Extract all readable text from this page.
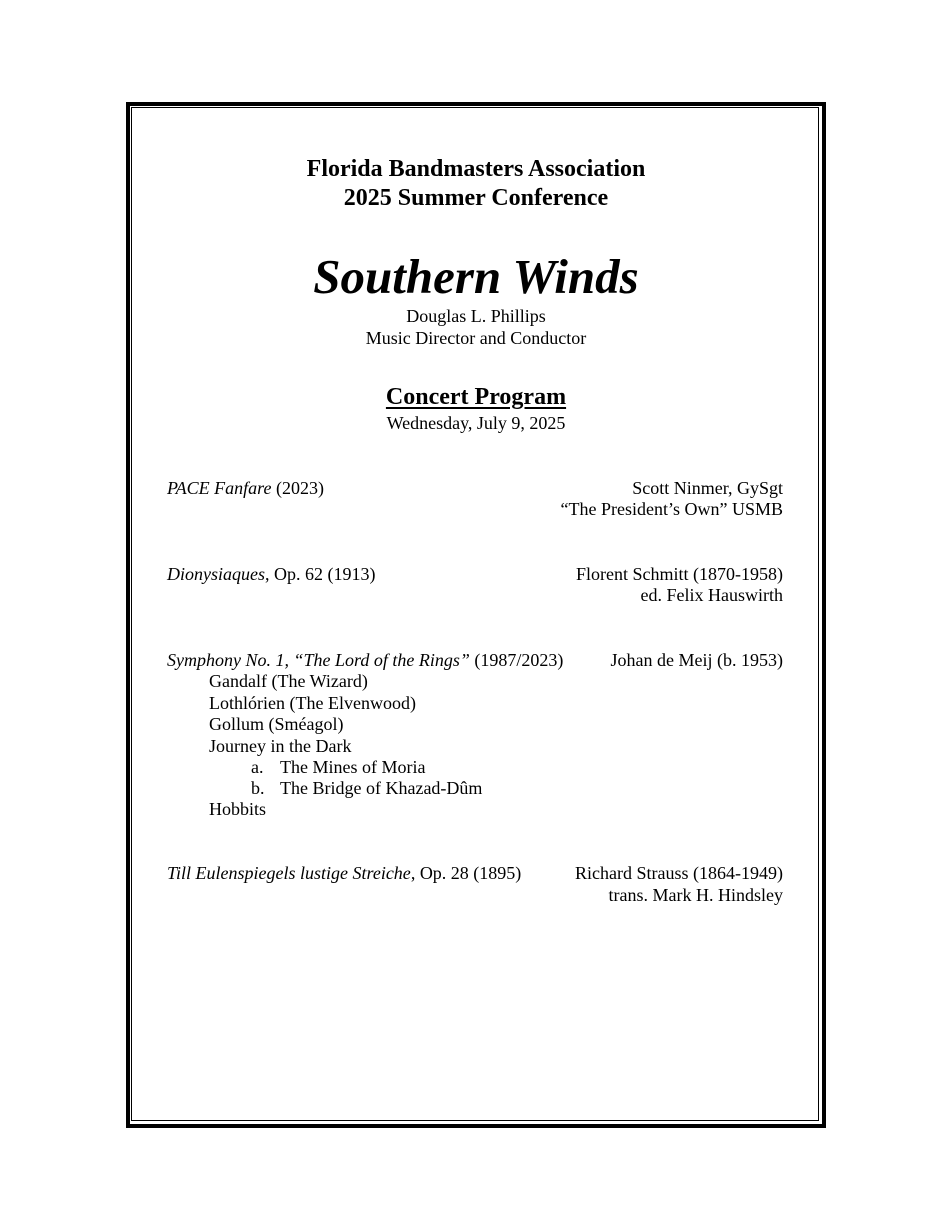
Florida Bandmasters Association
2025 Summer Conference
Southern Winds
Douglas L. Phillips
Music Director and Conductor
Concert Program
Wednesday, July 9, 2025
PACE Fanfare (2023)	Scott Ninmer, GySgt
“The President’s Own” USMB
Dionysiaques, Op. 62 (1913)	Florent Schmitt (1870-1958)
ed. Felix Hauswirth
Symphony No. 1, “The Lord of the Rings” (1987/2023)	Johan de Meij (b. 1953)
Gandalf (The Wizard)
Lothlórien (The Elvenwood)
Gollum (Sméagol)
Journey in the Dark
a. The Mines of Moria
b. The Bridge of Khazad-Dûm
Hobbits
Till Eulenspiegels lustige Streiche, Op. 28 (1895)	Richard Strauss (1864-1949)
trans. Mark H. Hindsley
